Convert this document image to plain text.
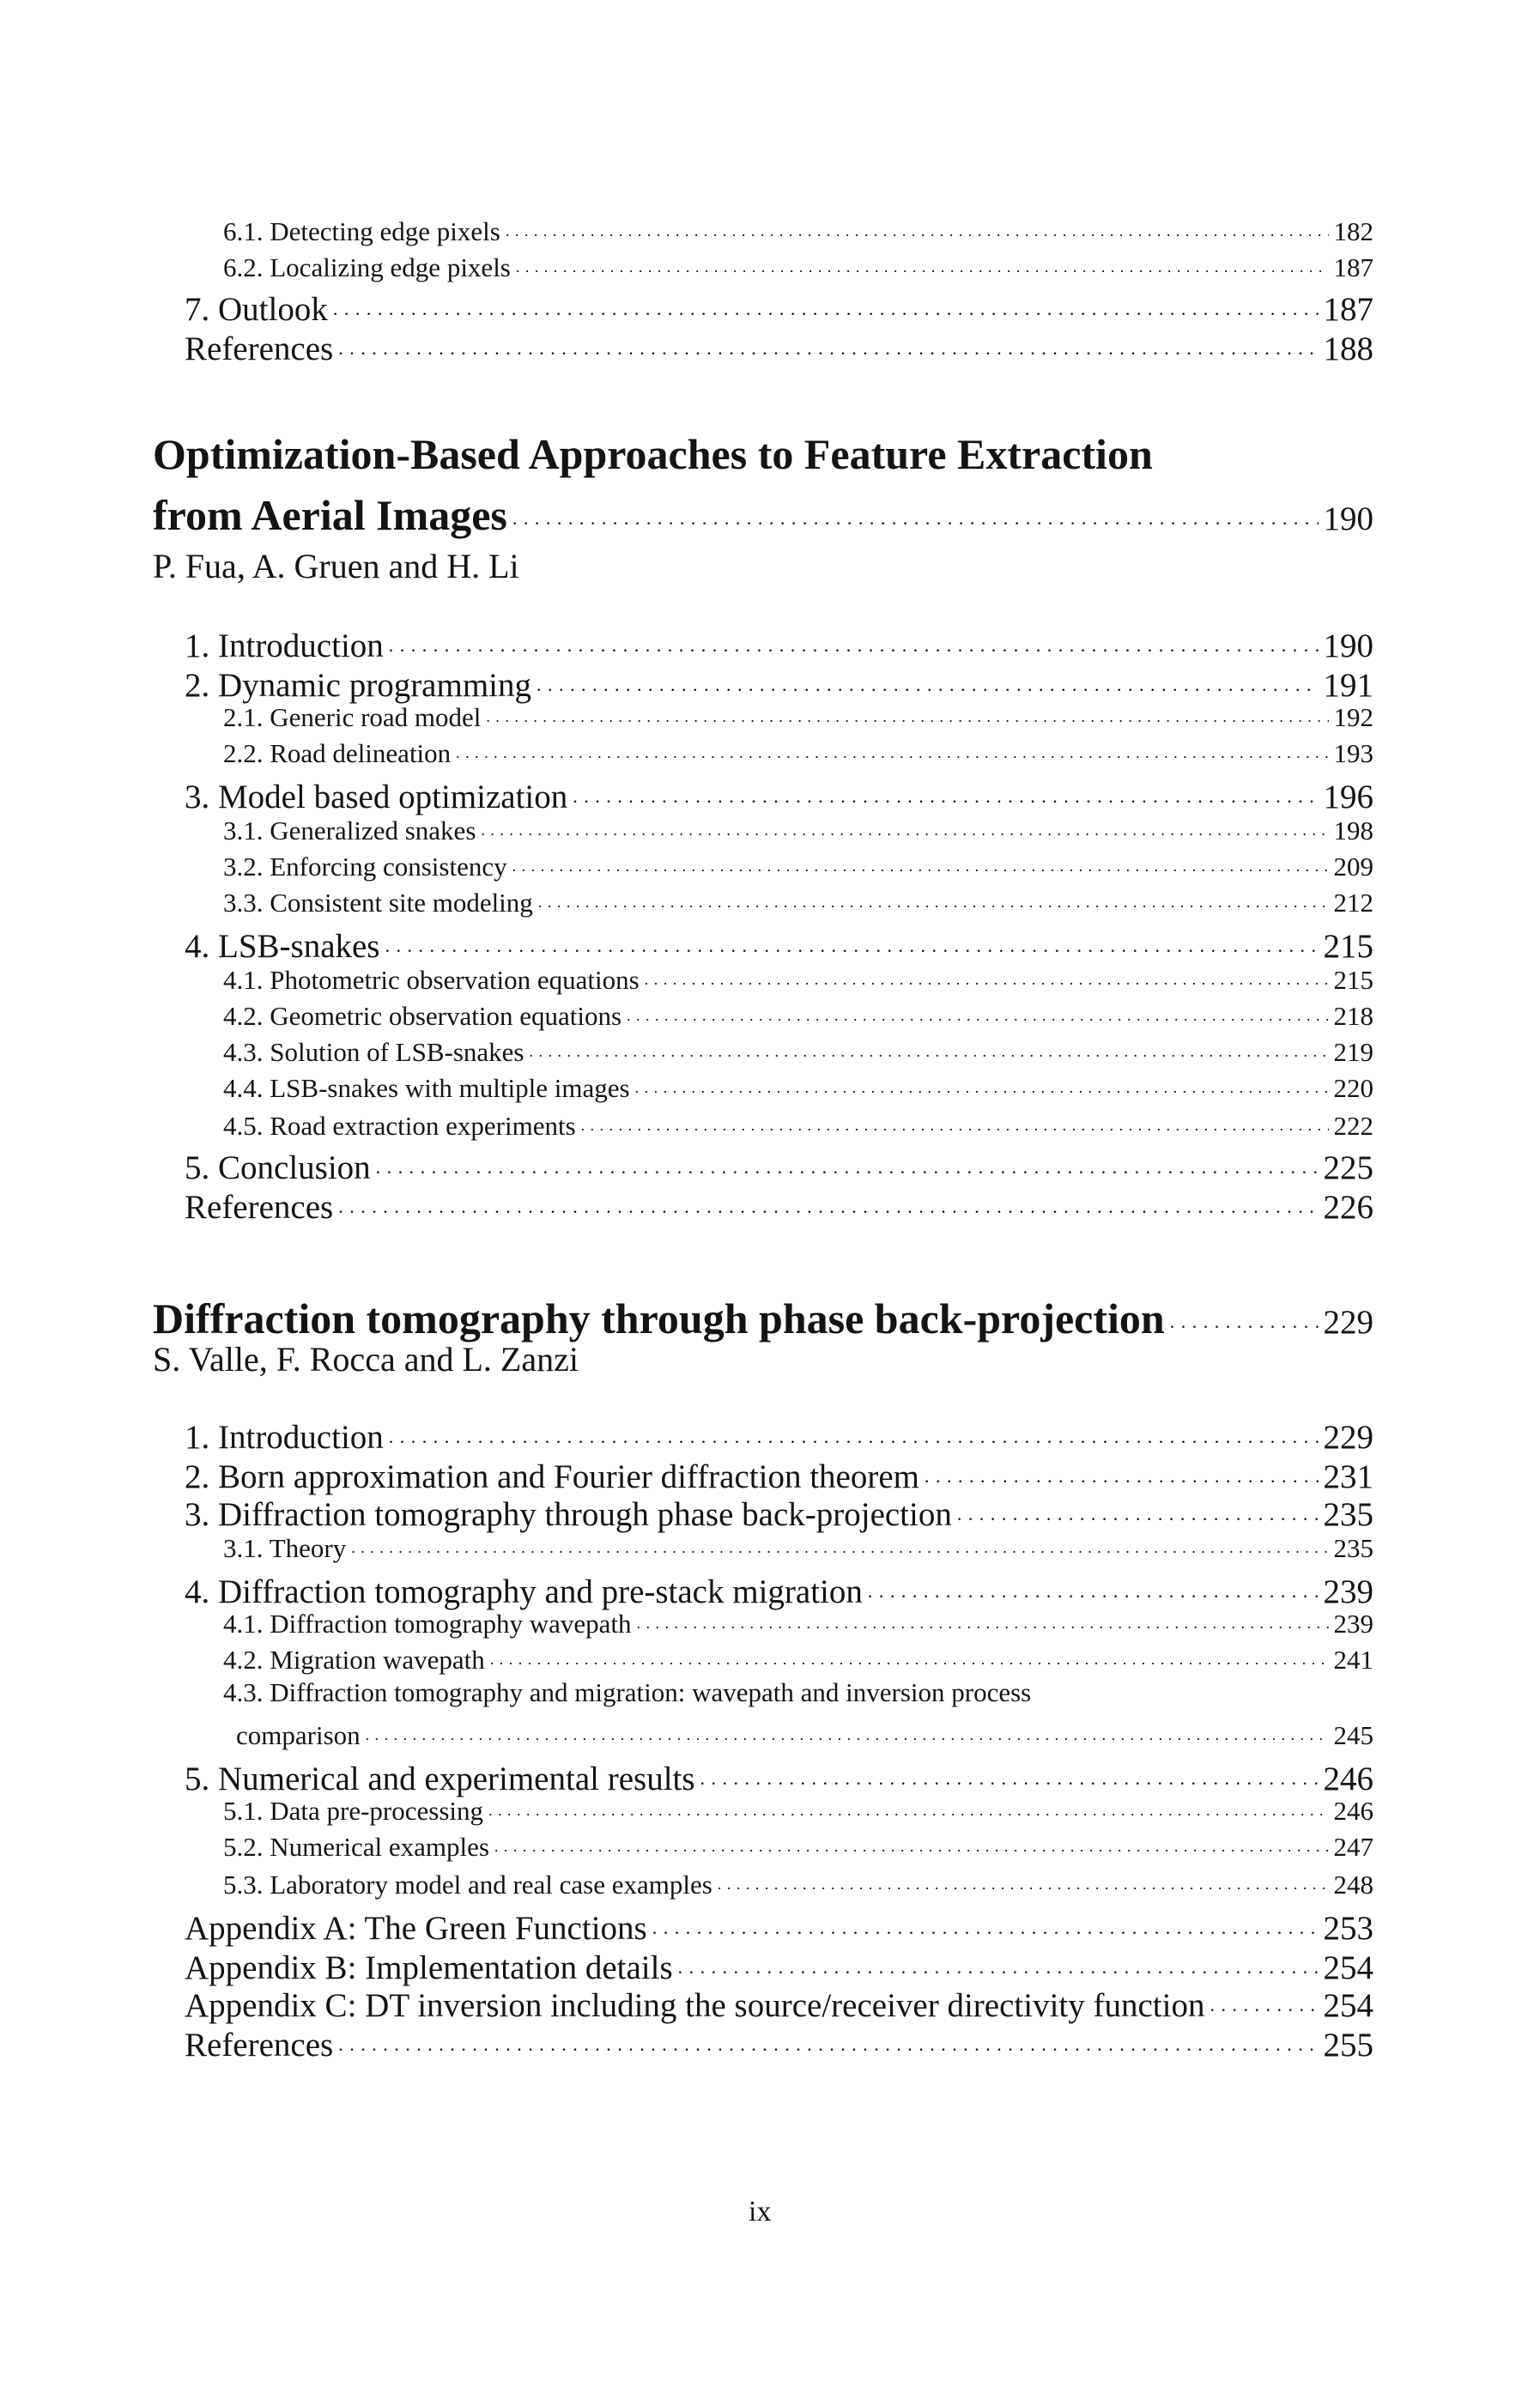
6.1. Detecting edge pixels . . .	182
6.2. Localizing edge pixels . . .	187
7. Outlook . . .	187
References . . .	188
Optimization-Based Approaches to Feature Extraction
from Aerial Images . . .	190
P. Fua, A. Gruen and H. Li
1. Introduction . . .	190
2. Dynamic programming . . .	191
2.1. Generic road model . . .	192
2.2. Road delineation . . .	193
3. Model based optimization . . .	196
3.1. Generalized snakes . . .	198
3.2. Enforcing consistency . . .	209
3.3. Consistent site modeling . . .	212
4. LSB-snakes . . .	215
4.1. Photometric observation equations . . .	215
4.2. Geometric observation equations . . .	218
4.3. Solution of LSB-snakes . . .	219
4.4. LSB-snakes with multiple images . . .	220
4.5. Road extraction experiments . . .	222
5. Conclusion . . .	225
References . . .	226
Diffraction tomography through phase back-projection . . .	229
S. Valle, F. Rocca and L. Zanzi
1. Introduction . . .	229
2. Born approximation and Fourier diffraction theorem . . .	231
3. Diffraction tomography through phase back-projection . . .	235
3.1. Theory . . .	235
4. Diffraction tomography and pre-stack migration . . .	239
4.1. Diffraction tomography wavepath . . .	239
4.2. Migration wavepath . . .	241
4.3. Diffraction tomography and migration: wavepath and inversion process
comparison . . .	245
5. Numerical and experimental results . . .	246
5.1. Data pre-processing . . .	246
5.2. Numerical examples . . .	247
5.3. Laboratory model and real case examples . . .	248
Appendix A: The Green Functions . . .	253
Appendix B: Implementation details . . .	254
Appendix C: DT inversion including the source/receiver directivity function . . .	254
References . . .	255
ix
